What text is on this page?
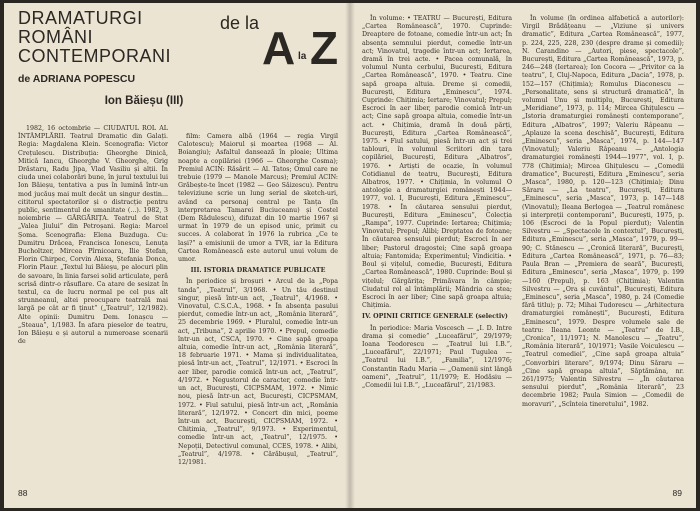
DRAMATURGI ROMÂNI CONTEMPORANI
de ADRIANA POPESCU
Ion Băieșu (III)

1982, 16 octombrie — CIUDATUL ROL AL ÎNTÂMPLĂRII. Teatrul Dramatic din Galați. Regia: Magdalena Klein. Scenografia: Victor Crețulescu. Distribuția: Gheorghe Dinică, Mitică Iancu, Gheorghe V. Gheorghe, Grig Drăstaru, Radu Jipa, Vlad Vasiliu și alții. În ciuda unei colaborări bune, în jurul textului lui Ion Băieșu, tentativa a pus în lumină într-un mod jucăuș mai mult decât un singur destin... cititorul spectatorilor și o distracție pentru public, sentimentul de umanitate (...). 1982, 3 noiembrie — GĂRGĂRIȚA. Teatrul de Stat „Valea Jiului” din Petroșani. Regia: Marcel Șoma. Scenografia: Elena Buzduga. Cu: Dumitru Drăcea, Francisca Ionescu, Lenuța Bucholtzer, Mircea Pîrnicoara, Ilie Ștefan, Florin Chirpec, Corvin Alexa, Ștefania Donca, Florin Plaur. „Textul lui Băieșu, pe alocuri plin de savoare, în linia farsei solid articulate, peră scrisă dintr-o răsuflare. Ca atare de sesizat în textul, ca de lucru normal pe cel pus alt strunneanul, altei preocupare teatrală mai largă pe cât ar fi ținut” („Teatrul”, 12/1982). Alte opinii: Dumitru Dem. Ionașcu — „Steaua”, 1/1983. În afara pieselor de teatru, Ion Băieșu e și autorul a numeroase scenarii de

film: Camera albă (1964 — regia Virgil Calotescu); Maiorul și moartea (1968 — Al. Boiangiu); Asfaltul dansează în ploaie; Ultima noapte a copilăriei (1966 — Gheorghe Cosma); Premiul ACIN: Răsărit — Al. Tatos; Omul care ne trebuie (1979 — Manole Marcus); Premiul ACIN: Grăbește-te încet (1982 — Geo Săizescu). Pentru televiziune scrie un lung serial de sketch-uri, având ca personaj central pe Tanța (în interpretarea Tamarei Buciuceanu) și Costel (Dem Rădulescu), difuzat din 10 martie 1967 și urmat în 1979 de un episod unic, primit cu succes. A colaborat în 1976 la rubrica „Ce te lași?” a emisiunii de umor a TVR, iar la Editura Cartea Românească este autorul unui volum de umor.

III. ISTORIA DRAMATICE PUBLICATE

În periodice și broșuri • Arcul de la „Popa tanda”, „Teatrul”, 3/1968. • Un tău destinul singur, piesă într-un act, „Teatrul”, 4/1968. • Vinovatul, C.S.C.A., 1968. • În absența pasului pierdut, comedie într-un act, „România literară”, 25 decembrie 1969. • Pluralul, comedie într-un act, „Tribuna”, 2 aprilie 1970. • Prepul, comedie într-un act, CSCA, 1970. • Cine sapă groapa altuia, comedie într-un act, „România literară”, 18 februarie 1971. • Mama și individualitatea, piesă într-un act, „Teatrul”, 12/1971. • Escroci în aer liber, parodie comică într-un act, „Teatrul”, 4/1972. • Negustorul de caracter, comedie într-un act, București, CICPSMAM, 1972. • Nimic nou, piesă într-un act, București, CICPSMAM, 1972. • Fiul satului, piesă într-un act, „România literară”, 12/1972. • Concert din mici, poeme într-un act, București, CICPSMAM, 1972. • Chițimia, „Teatrul”, 9/1973. • Experimentul, comedie într-un act, „Teatrul”, 12/1975. • Nepoții, Detectivul comunal, CCES, 1978. • Alibi, „Teatrul”, 4/1978. • Cărăbușul, „Teatrul”, 12/1981.

88
de la A la Z

În volume: • TEATRU — București, Editura „Cartea Românească”, 1970. Cuprinde: Dreaptere de fotoane, comedie într-un act; În absența semnului pierdut, comedie într-un act; Vinovatul, tragedie într-un act; Iertarea, dramă în trei acte. • Pacea comunală, în volumul Nunta cerbului, București, Editura „Cartea Românească”, 1970. • Teatru. Cine sapă groapa altuia. Dreme și comedii, București, Editura „Eminescu”, 1974. Cuprinde: Chițimia; Iertare; Vinovatul; Prepul; Escroci în aer liber, parodie comică într-un act; Cine sapă groapa altuia, comedie într-un act. • Chițimia, dramă în două părți, București, Editura „Cartea Românească”, 1975. • Fiul satului, piesă într-un act și trei tablouri, în volumul Scriitori din țara copilăriei, București, Editura „Albatros”, 1976. • Artiști de ocazie, în volumul Cotidianul de teatru, București, Editura Albatros, 1977. • Chițimia, în volumul O antologie a dramaturgiei românești 1944—1977, vol. I, București, Editura „Eminescu”, 1978. • În căutarea sensului pierdut, București, Editura „Eminescu”, Colecția „Rampa”, 1977. Cuprinde: Iertarea; Chițimia; Vinovatul; Prepul; Alibi; Dreptatea de fotoane; În căutarea sensului pierdut; Escroci în aer liber; Pastorul dragostei; Cine sapă groapa altuia; Fantomida; Experimentul; Vindicitia. • Boul și vițelul, comedie, București, Editura „Cartea Românească”, 1980. Cuprinde: Boul și vițelul; Gărgărița; Primăvara în câmpie; Ciudatul rol al întâmplării; Mândria ca stea; Escroci în aer liber; Cine sapă groapa altuia; Chițimia.

IV. OPINII CRITICE GENERALE (selectiv)

În periodice: Maria Voscesch — „I. D. Intre drama și comedie” „Luceafărul”, 29/1979; Ioana Teodorescu — „Teatrul lui I.B.”, „Luceafărul”, 22/1971; Paul Tugulea — „Teatrul lui I.B.”, „Familia”, 12/1976; Constantin Radu Maria — „Oamenii sint lângă oameni”, „Teatrul”, 11/1979; E. Hodăsiu — „Comedii lui I.B.”, „Luceafărul”, 21/1983.

În volume (în ordinea alfabetică a autorilor): Virgil Brădățeanu — „Viziune și univers dramatic”, Editura „Cartea Românească”, 1977, p. 224, 225, 228, 230 (despre drame și comedii); N. Carandino — „Autori, piese, spectacole”, București, Editura „Cartea Românească”, 1973, p. 246—248 (Iertarea); Ion Cocora — „Privitor ca la teatru”, I, Cluj-Napoca, Editura „Dacia”, 1978, p. 152—157 (Chițimia); Romulus Diaconescu — „Personalitate, sens și structură dramatică”, în volumul Unu și multiplu, București, Editura „Meridiane”, 1973, p. 114; Mircea Ghițulescu — „Istoria dramaturgiei românești contemporane”, Editura „Albatros”, 1997; Valeriu Râpeanu — „Aplauze la scena deschisă”, București, Editura „Eminescu”, seria „Masca”, 1974, p. 144—147 (Vinovatul); Valeriu Râpeanu — „Antologia dramaturgiei românești 1944—1977”, vol. I, p. 778 (Chițimia); Mircea Ghițulescu — „Comedii dramatice”, București, Editura „Eminescu”, seria „Masca”, 1980, p. 120—123 (Chițimia); Dinu Săraru — „La teatru”, București, Editura „Eminescu”, seria „Masca”, 1973, p. 147—148 (Vinovatul); Ileana Berlogea — „Teatrul românesc și interpreții contemporani”, București, 1975, p. 106 (Escroci de la Popul pierdut); Valentin Silvestru — „Spectacole în contextul”, București, Editura „Eminescu”, seria „Masca”, 1979, p. 99—90; C. Stănescu — „Cronică literară”, București, Editura „Cartea Românească”, 1971, p. 76—83; Paula Bran — „Premiera de seară”, București, Editura „Eminescu”, seria „Masca”, 1979, p. 199—160 (Prepul), p. 163 (Chițimia); Valentin Silvestru — „Ora și cuvântul”, București, Editura „Eminescu”, seria „Masca”, 1980, p. 24 (Comedie fără titlu); p. 72; Mihai Tudorescu — „Arhitectura dramaturgiei românești”, București, Editura „Eminescu”, 1979. Despre volumele sale de teatru: Ileana Leonte — „Teatru” de I.B., „Cronica”, 11/1971; N. Manolescu — „Teatru”, „România literară”, 10/1971; Vasile Voiculescu — „Teatrul comediei”, „Cine sapă groapa altuia” „Convorbiri literare”, 9/1974; Dinu Săraru — „Cine sapă groapa altuia”, Săptămâna, nr. 261/1975; Valentin Silvestru — „În căutarea sensului pierdut”, „România literară”, 23 decembrie 1982; Paula Simion — „Comedii de moravuri”, „Scînteia tineretului”, 1982.

89
